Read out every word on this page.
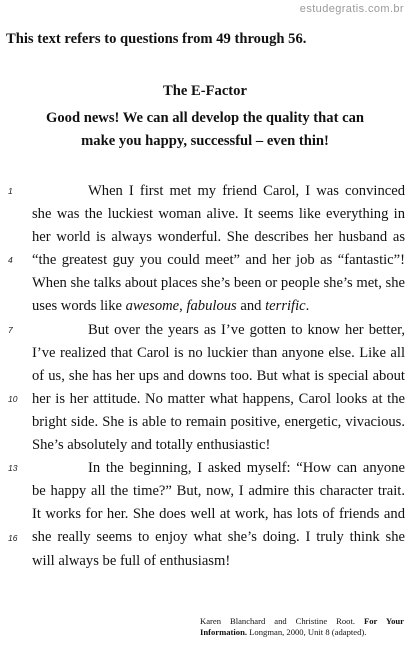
estudegratis.com.br
This text refers to questions from 49 through 56.
The E-Factor
Good news! We can all develop the quality that can make you happy, successful – even thin!
1
4
7
10
13
16

When I first met my friend Carol, I was convinced she was the luckiest woman alive. It seems like everything in her world is always wonderful. She describes her husband as “the greatest guy you could meet” and her job as “fantastic”! When she talks about places she’s been or people she’s met, she uses words like awesome, fabulous and terrific.

But over the years as I’ve gotten to know her better, I’ve realized that Carol is no luckier than anyone else. Like all of us, she has her ups and downs too. But what is special about her is her attitude. No matter what happens, Carol looks at the bright side. She is able to remain positive, energetic, vivacious. She’s absolutely and totally enthusiastic!

In the beginning, I asked myself: “How can anyone be happy all the time?” But, now, I admire this character trait. It works for her. She does well at work, has lots of friends and she really seems to enjoy what she’s doing. I truly think she will always be full of enthusiasm!

Karen Blanchard and Christine Root. For Your Information. Longman, 2000, Unit 8 (adapted).
